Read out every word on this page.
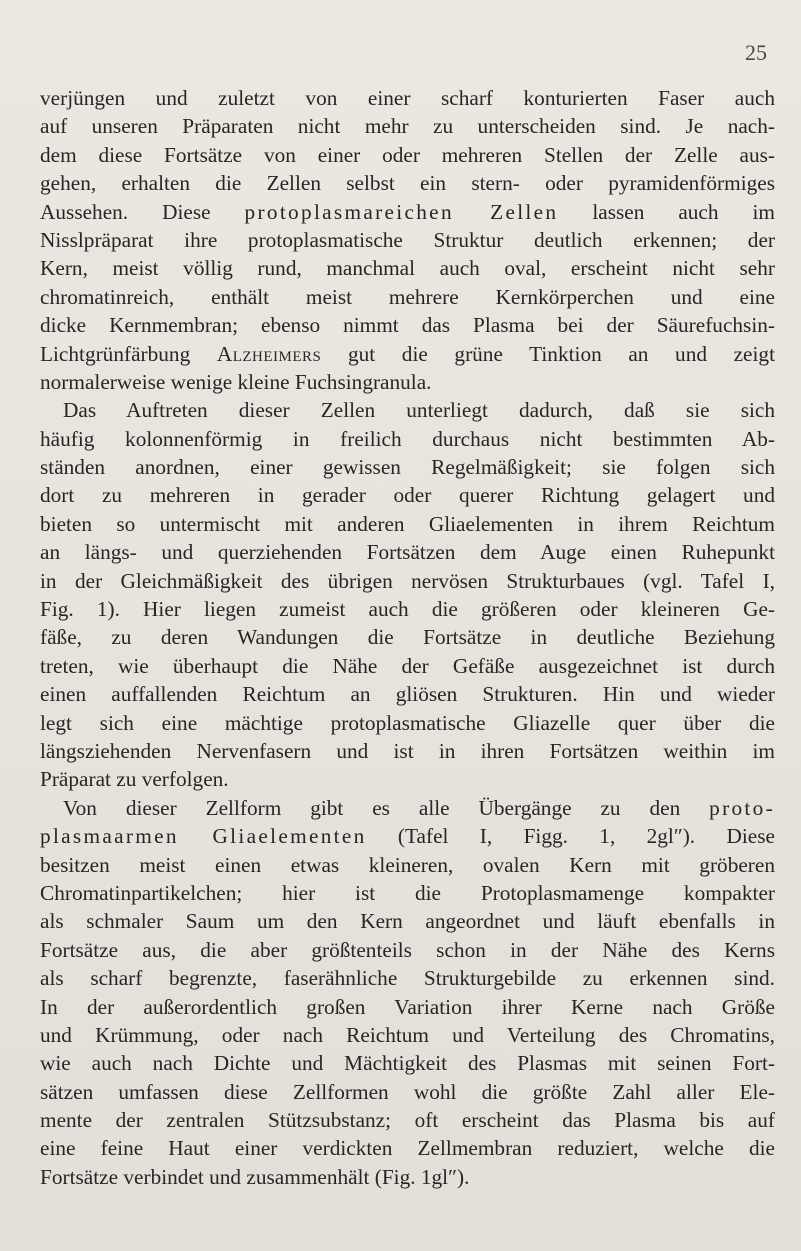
25
verjüngen und zuletzt von einer scharf konturierten Faser auch
auf unseren Präparaten nicht mehr zu unterscheiden sind. Je nach-
dem diese Fortsätze von einer oder mehreren Stellen der Zelle aus-
gehen, erhalten die Zellen selbst ein stern- oder pyramidenförmiges
Aussehen. Diese protoplasmareichen Zellen lassen auch im
Nisslpräparat ihre protoplasmatische Struktur deutlich erkennen; der
Kern, meist völlig rund, manchmal auch oval, erscheint nicht sehr
chromatinreich, enthält meist mehrere Kernkörperchen und eine
dicke Kernmembran; ebenso nimmt das Plasma bei der Säurefuchsin-
Lichtgrünfärbung Alzheimers gut die grüne Tinktion an und zeigt
normalerweise wenige kleine Fuchsingranula.
Das Auftreten dieser Zellen unterliegt dadurch, daß sie sich
häufig kolonnenförmig in freilich durchaus nicht bestimmten Ab-
ständen anordnen, einer gewissen Regelmäßigkeit; sie folgen sich
dort zu mehreren in gerader oder querer Richtung gelagert und
bieten so untermischt mit anderen Gliaelementen in ihrem Reichtum
an längs- und querziehenden Fortsätzen dem Auge einen Ruhepunkt
in der Gleichmäßigkeit des übrigen nervösen Strukturbaues (vgl. Tafel I,
Fig. 1). Hier liegen zumeist auch die größeren oder kleineren Ge-
fäße, zu deren Wandungen die Fortsätze in deutliche Beziehung
treten, wie überhaupt die Nähe der Gefäße ausgezeichnet ist durch
einen auffallenden Reichtum an gliösen Strukturen. Hin und wieder
legt sich eine mächtige protoplasmatische Gliazelle quer über die
längsziehenden Nervenfasern und ist in ihren Fortsätzen weithin im
Präparat zu verfolgen.
Von dieser Zellform gibt es alle Übergänge zu den proto-
plasmaarmen Gliaelementen (Tafel I, Figg. 1, 2gl″). Diese
besitzen meist einen etwas kleineren, ovalen Kern mit gröberen
Chromatinpartikelchen; hier ist die Protoplasmamenge kompakter
als schmaler Saum um den Kern angeordnet und läuft ebenfalls in
Fortsätze aus, die aber größtenteils schon in der Nähe des Kerns
als scharf begrenzte, faserähnliche Strukturgebilde zu erkennen sind.
In der außerordentlich großen Variation ihrer Kerne nach Größe
und Krümmung, oder nach Reichtum und Verteilung des Chromatins,
wie auch nach Dichte und Mächtigkeit des Plasmas mit seinen Fort-
sätzen umfassen diese Zellformen wohl die größte Zahl aller Ele-
mente der zentralen Stützsubstanz; oft erscheint das Plasma bis auf
eine feine Haut einer verdickten Zellmembran reduziert, welche die
Fortsätze verbindet und zusammenhält (Fig. 1gl″).
